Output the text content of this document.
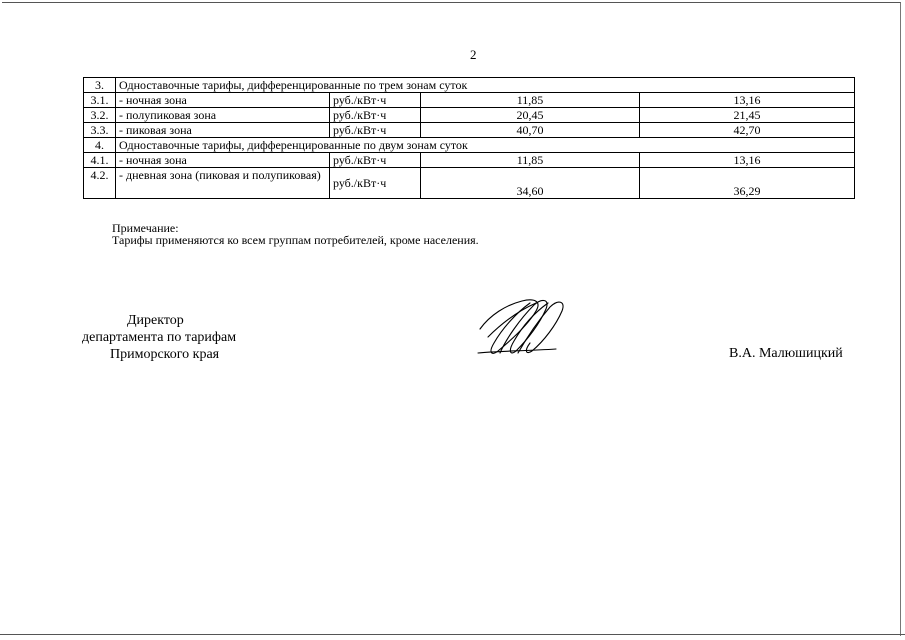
2
3.	Одноставочные тарифы, дифференцированные по трем зонам суток			
3.1.	- ночная зона	руб./кВт·ч	11,85	13,16
3.2.	- полупиковая зона	руб./кВт·ч	20,45	21,45
3.3.	- пиковая зона	руб./кВт·ч	40,70	42,70
4.	Одноставочные тарифы, дифференцированные по двум зонам суток			
4.1.	- ночная зона	руб./кВт·ч	11,85	13,16
4.2.	- дневная зона (пиковая и полупиковая)	руб./кВт·ч	34,60	36,29
Примечание:
Тарифы применяются ко всем группам потребителей, кроме населения.
Директор
департамента по тарифам
Приморского края	В.А. Малюшицкий
